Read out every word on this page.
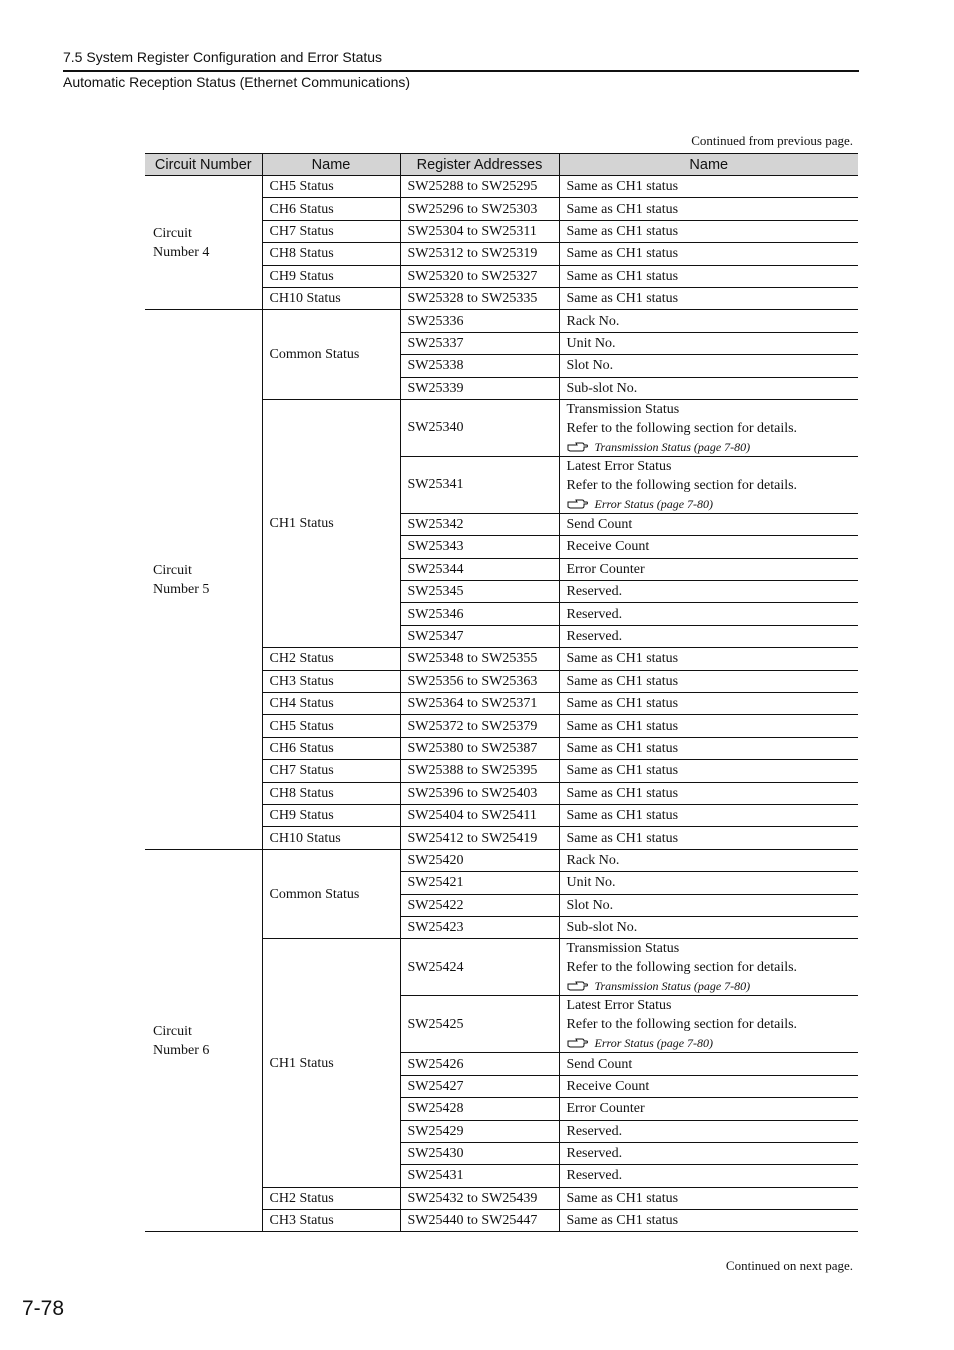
7.5 System Register Configuration and Error Status
Automatic Reception Status (Ethernet Communications)
Continued from previous page.
Circuit Number	Name	Register Addresses	Name
Circuit
Number 4	CH5 Status	SW25288 to SW25295	Same as CH1 status
	CH6 Status	SW25296 to SW25303	Same as CH1 status
	CH7 Status	SW25304 to SW25311	Same as CH1 status
	CH8 Status	SW25312 to SW25319	Same as CH1 status
	CH9 Status	SW25320 to SW25327	Same as CH1 status
	CH10 Status	SW25328 to SW25335	Same as CH1 status
Circuit
Number 5	Common Status	SW25336	Rack No.
		SW25337	Unit No.
		SW25338	Slot No.
		SW25339	Sub-slot No.
	CH1 Status	SW25340	Transmission Status
Refer to the following section for details.
Transmission Status (page 7-80)

		SW25341	Latest Error Status
Refer to the following section for details.
Error Status (page 7-80)

		SW25342	Send Count
		SW25343	Receive Count
		SW25344	Error Counter
		SW25345	Reserved.
		SW25346	Reserved.
		SW25347	Reserved.
	CH2 Status	SW25348 to SW25355	Same as CH1 status
	CH3 Status	SW25356 to SW25363	Same as CH1 status
	CH4 Status	SW25364 to SW25371	Same as CH1 status
	CH5 Status	SW25372 to SW25379	Same as CH1 status
	CH6 Status	SW25380 to SW25387	Same as CH1 status
	CH7 Status	SW25388 to SW25395	Same as CH1 status
	CH8 Status	SW25396 to SW25403	Same as CH1 status
	CH9 Status	SW25404 to SW25411	Same as CH1 status
	CH10 Status	SW25412 to SW25419	Same as CH1 status
Circuit
Number 6	Common Status	SW25420	Rack No.
		SW25421	Unit No.
		SW25422	Slot No.
		SW25423	Sub-slot No.
	CH1 Status	SW25424	Transmission Status
Refer to the following section for details.
Transmission Status (page 7-80)

		SW25425	Latest Error Status
Refer to the following section for details.
Error Status (page 7-80)

		SW25426	Send Count
		SW25427	Receive Count
		SW25428	Error Counter
		SW25429	Reserved.
		SW25430	Reserved.
		SW25431	Reserved.
	CH2 Status	SW25432 to SW25439	Same as CH1 status
	CH3 Status	SW25440 to SW25447	Same as CH1 status
Continued on next page.
7-78
